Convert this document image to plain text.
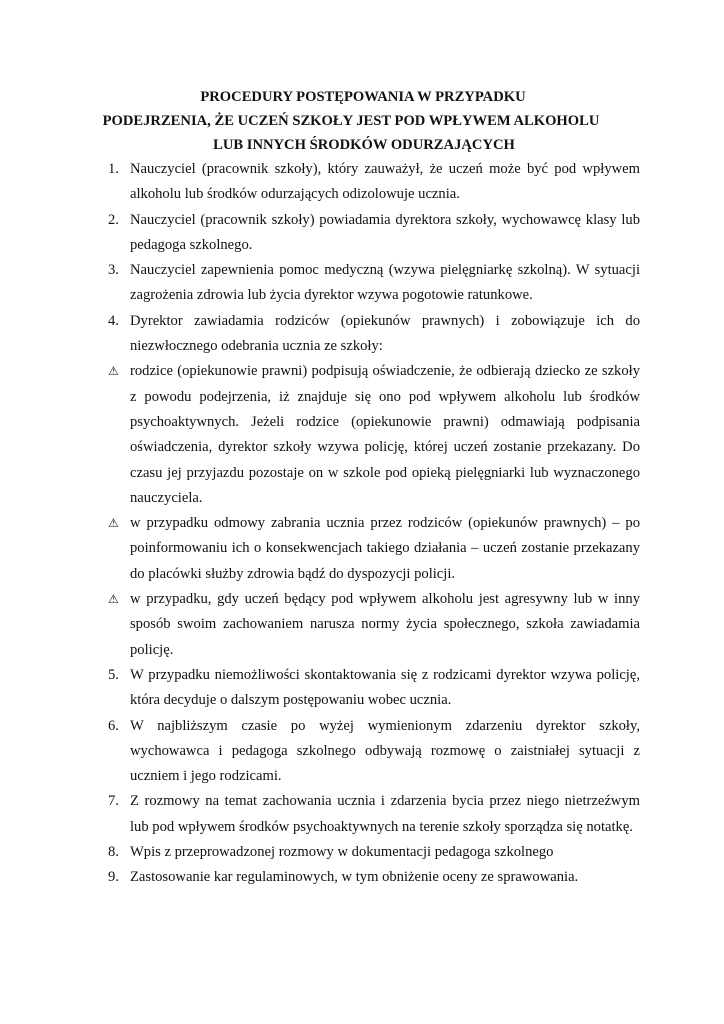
PROCEDURY POSTĘPOWANIA W PRZYPADKU
PODEJRZENIA, ŻE UCZEŃ SZKOŁY JEST POD WPŁYWEM ALKOHOLU
LUB INNYCH ŚRODKÓW ODURZAJĄCYCH
1. Nauczyciel (pracownik szkoły), który zauważył, że uczeń może być pod wpływem alkoholu lub środków odurzających odizolowuje ucznia.
2. Nauczyciel (pracownik szkoły) powiadamia dyrektora szkoły, wychowawcę klasy lub pedagoga szkolnego.
3. Nauczyciel zapewnienia pomoc medyczną (wzywa pielęgniarkę szkolną). W sytuacji zagrożenia zdrowia lub życia dyrektor wzywa pogotowie ratunkowe.
4. Dyrektor zawiadamia rodziców (opiekunów prawnych) i zobowiązuje ich do niezwłocznego odebrania ucznia ze szkoły:
⚠ rodzice (opiekunowie prawni) podpisują oświadczenie, że odbierają dziecko ze szkoły z powodu podejrzenia, iż znajduje się ono pod wpływem alkoholu lub środków psychoaktywnych. Jeżeli rodzice (opiekunowie prawni) odmawiają podpisania oświadczenia, dyrektor szkoły wzywa policję, której uczeń zostanie przekazany. Do czasu jej przyjazdu pozostaje on w szkole pod opieką pielęgniarki lub wyznaczonego nauczyciela.
⚠ w przypadku odmowy zabrania ucznia przez rodziców (opiekunów prawnych) – po poinformowaniu ich o konsekwencjach takiego działania – uczeń zostanie przekazany do placówki służby zdrowia bądź do dyspozycji policji.
⚠ w przypadku, gdy uczeń będący pod wpływem alkoholu jest agresywny lub w inny sposób swoim zachowaniem narusza normy życia społecznego, szkoła zawiadamia policję.
5. W przypadku niemożliwości skontaktowania się z rodzicami dyrektor wzywa policję, która decyduje o dalszym postępowaniu wobec ucznia.
6. W najbliższym czasie po wyżej wymienionym zdarzeniu dyrektor szkoły, wychowawca i pedagoga szkolnego odbywają rozmowę o zaistniałej sytuacji z uczniem i jego rodzicami.
7. Z rozmowy na temat zachowania ucznia i zdarzenia bycia przez niego nietrzeźwym lub pod wpływem środków psychoaktywnych na terenie szkoły sporządza się notatkę.
8. Wpis z przeprowadzonej rozmowy w dokumentacji pedagoga szkolnego
9. Zastosowanie kar regulaminowych, w tym obniżenie oceny ze sprawowania.
